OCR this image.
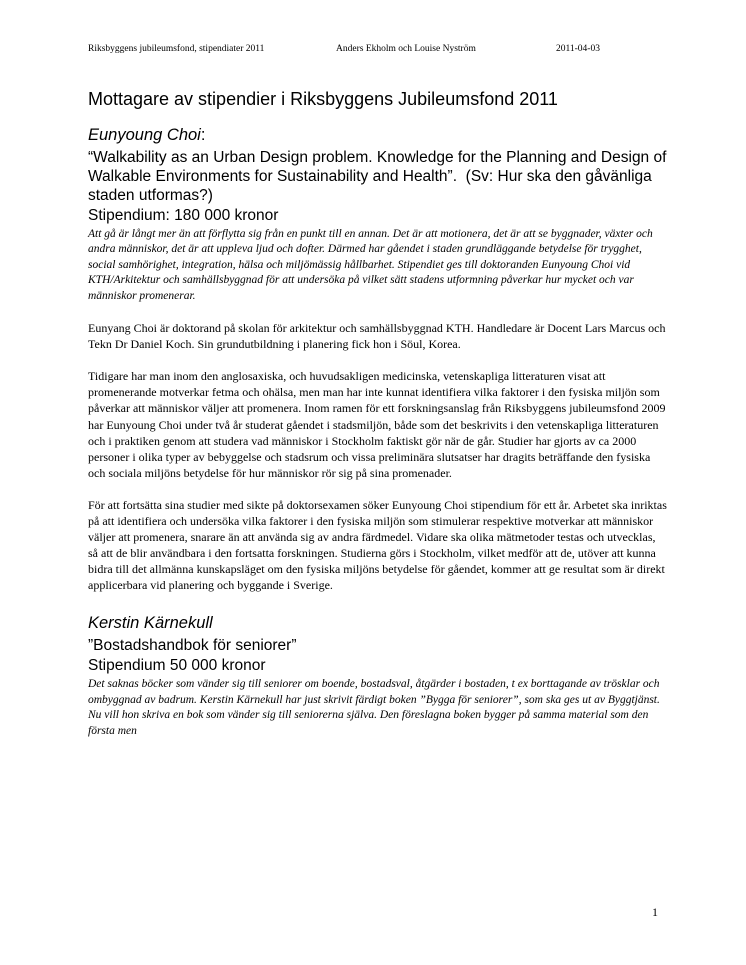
Riksbyggens jubileumsfond, stipendiater 2011	Anders Ekholm och Louise Nyström	2011-04-03
Mottagare av stipendier i Riksbyggens Jubileumsfond 2011

Eunyoung Choi:

“Walkability as an Urban Design problem. Knowledge for the Planning and Design of Walkable Environments for Sustainability and Health”. (Sv: Hur ska den gåvänliga staden utformas?)

Stipendium: 180 000 kronor

Att gå är långt mer än att förflytta sig från en punkt till en annan. Det är att motionera, det är att se byggnader, växter och andra människor, det är att uppleva ljud och dofter. Därmed har gåendet i staden grundläggande betydelse för trygghet, social samhörighet, integration, hälsa och miljömässig hållbarhet. Stipendiet ges till doktoranden Eunyoung Choi vid KTH/Arkitektur och samhällsbyggnad för att undersöka på vilket sätt stadens utformning påverkar hur mycket och var människor promenerar.

Eunyang Choi är doktorand på skolan för arkitektur och samhällsbyggnad KTH. Handledare är Docent Lars Marcus och Tekn Dr Daniel Koch. Sin grundutbildning i planering fick hon i Söul, Korea.

Tidigare har man inom den anglosaxiska, och huvudsakligen medicinska, vetenskapliga litteraturen visat att promenerande motverkar fetma och ohälsa, men man har inte kunnat identifiera vilka faktorer i den fysiska miljön som påverkar att människor väljer att promenera. Inom ramen för ett forskningsanslag från Riksbyggens jubileumsfond 2009 har Eunyoung Choi under två år studerat gåendet i stadsmiljön, både som det beskrivits i den vetenskapliga litteraturen och i praktiken genom att studera vad människor i Stockholm faktiskt gör när de går. Studier har gjorts av ca 2000 personer i olika typer av bebyggelse och stadsrum och vissa preliminära slutsatser har dragits beträffande den fysiska och sociala miljöns betydelse för hur människor rör sig på sina promenader.

För att fortsätta sina studier med sikte på doktorsexamen söker Eunyoung Choi stipendium för ett år. Arbetet ska inriktas på att identifiera och undersöka vilka faktorer i den fysiska miljön som stimulerar respektive motverkar att människor väljer att promenera, snarare än att använda sig av andra färdmedel. Vidare ska olika mätmetoder testas och utvecklas, så att de blir användbara i den fortsatta forskningen. Studierna görs i Stockholm, vilket medför att de, utöver att kunna bidra till det allmänna kunskapsläget om den fysiska miljöns betydelse för gåendet, kommer att ge resultat som är direkt applicerbara vid planering och byggande i Sverige.

Kerstin Kärnekull

”Bostadshandbok för seniorer”

Stipendium 50 000 kronor

Det saknas böcker som vänder sig till seniorer om boende, bostadsval, åtgärder i bostaden, t ex borttagande av trösklar och ombyggnad av badrum. Kerstin Kärnekull har just skrivit färdigt boken ”Bygga för seniorer”, som ska ges ut av Byggtjänst. Nu vill hon skriva en bok som vänder sig till seniorerna själva. Den föreslagna boken bygger på samma material som den första men

1
